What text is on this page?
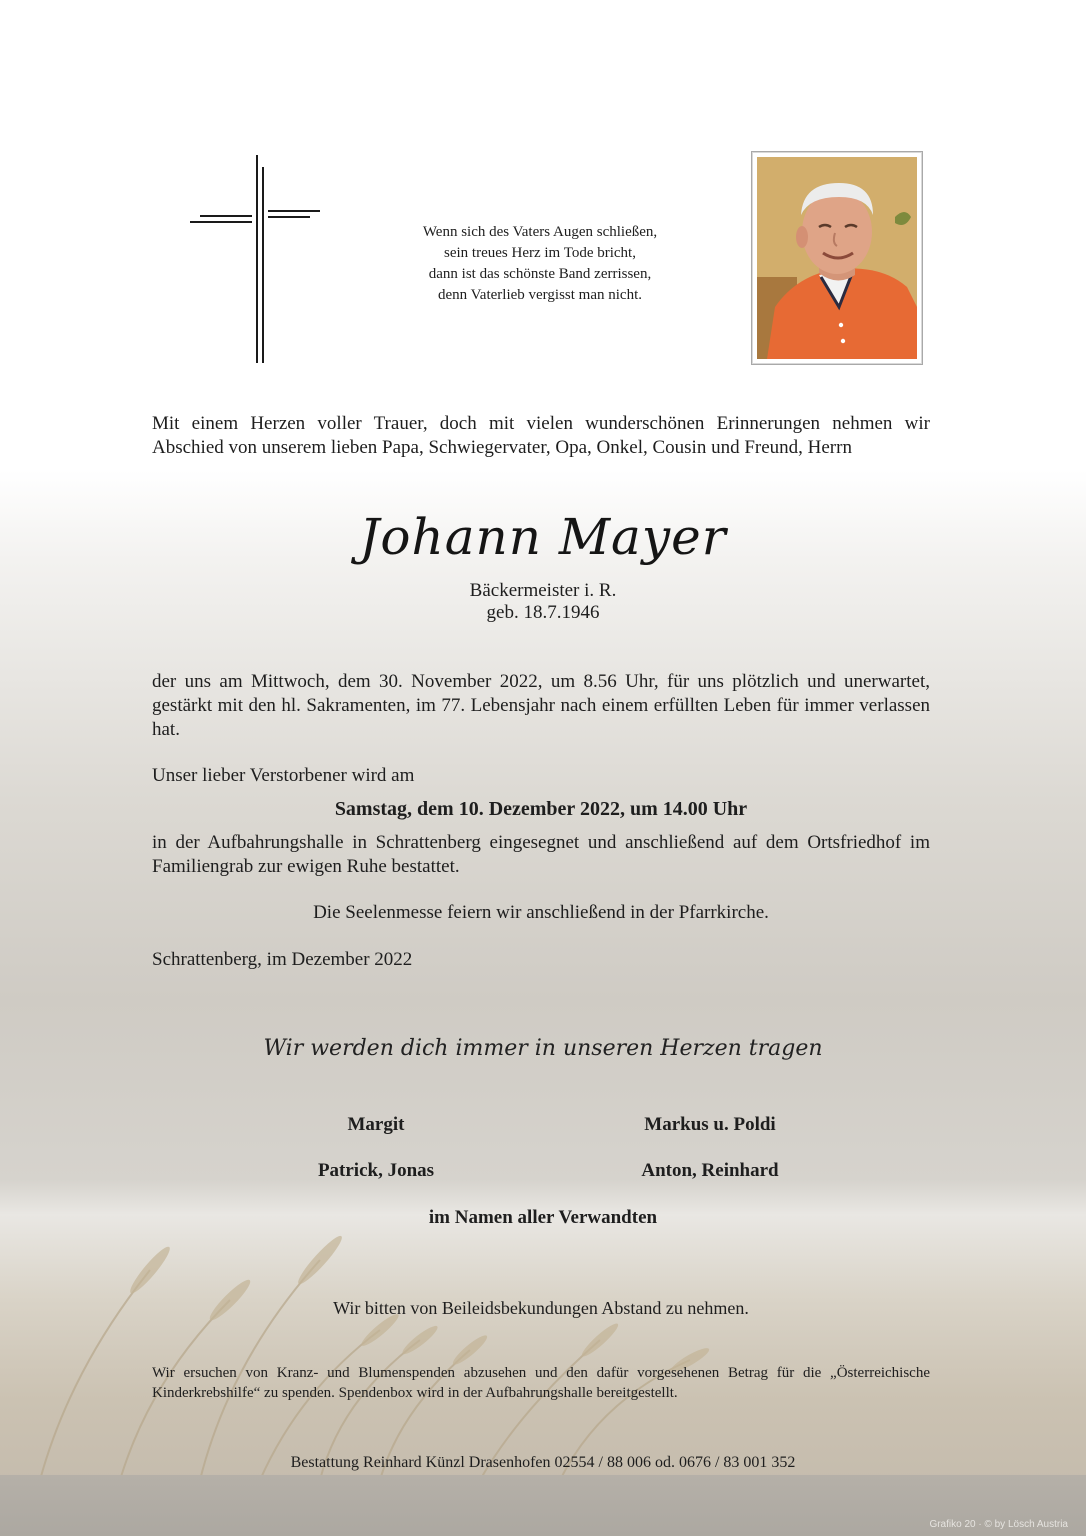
Wenn sich des Vaters Augen schließen,
sein treues Herz im Tode bricht,
dann ist das schönste Band zerrissen,
denn Vaterlieb vergisst man nicht.
Mit einem Herzen voller Trauer, doch mit vielen wunderschönen Erinnerungen nehmen wir
Abschied von unserem lieben Papa, Schwiegervater, Opa, Onkel, Cousin und Freund, Herrn
Johann Mayer
Bäckermeister i. R.
geb. 18.7.1946
der uns am Mittwoch, dem 30. November 2022, um 8.56 Uhr, für uns plötzlich und unerwartet, gestärkt mit den hl. Sakramenten, im 77. Lebensjahr nach einem erfüllten Leben für immer verlassen hat.
Unser lieber Verstorbener wird am
Samstag, dem 10. Dezember 2022, um 14.00 Uhr
in der Aufbahrungshalle in Schrattenberg eingesegnet und anschließend auf dem Ortsfriedhof im Familiengrab zur ewigen Ruhe bestattet.
Die Seelenmesse feiern wir anschließend in der Pfarrkirche.
Schrattenberg, im Dezember 2022
Wir werden dich immer in unseren Herzen tragen
Margit
Patrick, Jonas
Markus u. Poldi
Anton, Reinhard
im Namen aller Verwandten
Wir bitten von Beileidsbekundungen Abstand zu nehmen.
Wir ersuchen von Kranz- und Blumenspenden abzusehen und den dafür vorgesehenen Betrag für die „Österreichische Kinderkrebshilfe“ zu spenden. Spendenbox wird in der Aufbahrungshalle bereitgestellt.
Bestattung Reinhard Künzl Drasenhofen 02554 / 88 006 od. 0676 / 83 001 352
Grafiko 20 · © by Lösch Austria
